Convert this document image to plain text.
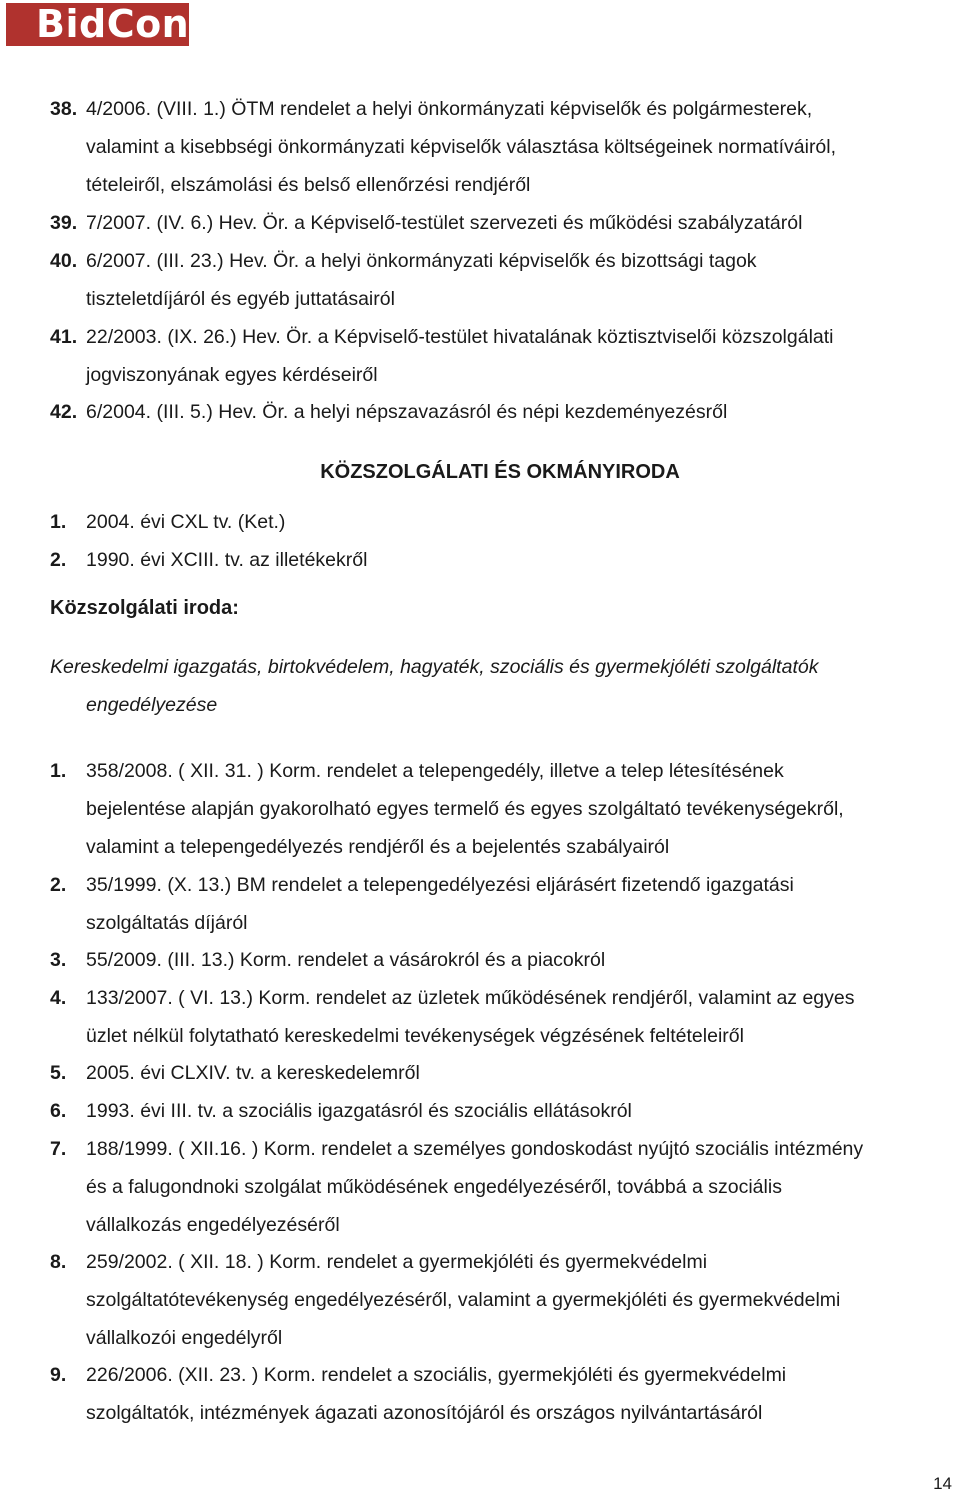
BidCon
38. 4/2006. (VIII. 1.) ÖTM rendelet a helyi önkormányzati képviselők és polgármesterek,
valamint a kisebbségi önkormányzati képviselők választása költségeinek normatíváiról,
tételeiről, elszámolási és belső ellenőrzési rendjéről
39. 7/2007. (IV. 6.) Hev. Ör. a Képviselő-testület szervezeti és működési szabályzatáról
40. 6/2007. (III. 23.) Hev. Ör. a helyi önkormányzati képviselők és bizottsági tagok
tiszteletdíjáról és egyéb juttatásairól
41. 22/2003. (IX. 26.) Hev. Ör. a Képviselő-testület hivatalának köztisztviselői közszolgálati
jogviszonyának egyes kérdéseiről
42. 6/2004. (III. 5.) Hev. Ör. a helyi népszavazásról és népi kezdeményezésről
KÖZSZOLGÁLATI ÉS OKMÁNYIRODA
1.	2004. évi CXL tv. (Ket.)
2.	1990. évi XCIII. tv. az illetékekről
Közszolgálati iroda:
Kereskedelmi igazgatás, birtokvédelem, hagyaték, szociális és gyermekjóléti szolgáltatók
engedélyezése
1.	358/2008. ( XII. 31. ) Korm. rendelet a telepengedély, illetve a telep létesítésének
bejelentése alapján gyakorolható egyes termelő és egyes szolgáltató tevékenységekről,
valamint a telepengedélyezés rendjéről és a bejelentés szabályairól
2.	35/1999. (X. 13.) BM rendelet a telepengedélyezési eljárásért fizetendő igazgatási
szolgáltatás díjáról
3.	55/2009. (III. 13.) Korm. rendelet a vásárokról és a piacokról
4.	133/2007. ( VI. 13.) Korm. rendelet az üzletek működésének rendjéről, valamint az egyes
üzlet nélkül folytatható kereskedelmi tevékenységek végzésének feltételeiről
5.	2005. évi CLXIV. tv. a kereskedelemről
6.	1993. évi III. tv. a szociális igazgatásról és szociális ellátásokról
7.	188/1999. ( XII.16. ) Korm. rendelet a személyes gondoskodást nyújtó szociális intézmény
és a falugondnoki szolgálat működésének engedélyezéséről, továbbá a szociális
vállalkozás engedélyezéséről
8.	259/2002. ( XII. 18. ) Korm. rendelet a gyermekjóléti és gyermekvédelmi
szolgáltatótevékenység engedélyezéséről, valamint a gyermekjóléti és gyermekvédelmi
vállalkozói engedélyről
9.	226/2006. (XII. 23. ) Korm. rendelet a szociális, gyermekjóléti és gyermekvédelmi
szolgáltatók, intézmények ágazati azonosítójáról és országos nyilvántartásáról
14
